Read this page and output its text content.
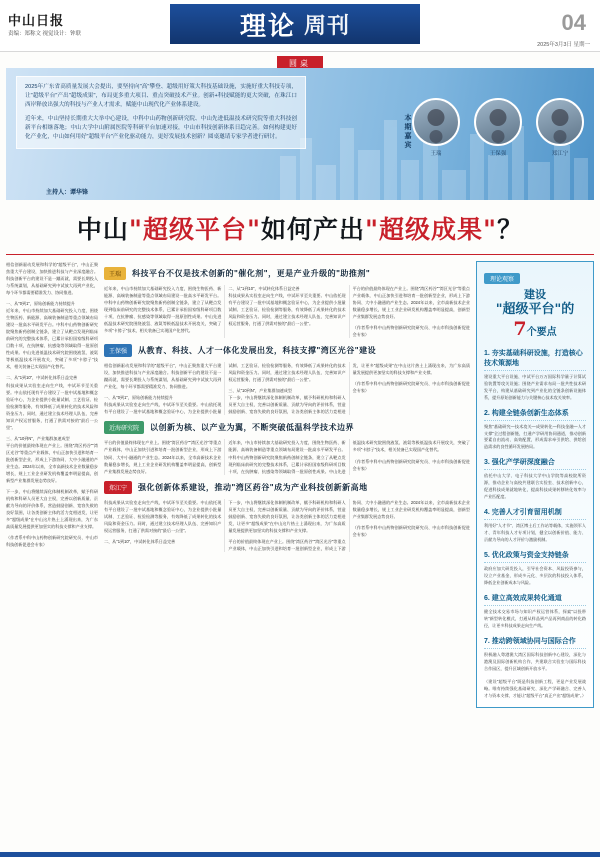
中山日报
责编：郑称文 视觉设计：钟联	理论 周刊	04
2025年3月3日 星期一
圆桌

2025年广东省高质量发展大会提出，要坚持向"高"攀登、超级用好策大科技基础设施，实施好重大科技专项，让"超级平台"产出"超级成果"，布局更多重大项目、重点突破技术产业。创新+科技赋能的更大突破，在珠江口西岸释放出强大的科技与产业人才需求，赋能中山现代化产业体系建设。

近年来，中山坚持长期重大大举中心建设，中科中山药物创新研究院、中山先进低温技术研究院等重大科技创新平台相继落地；中山大学中山附属医院等科研平台加速对接，中山市科技创新体系日趋完善。如何构建更好化产业化，中山如何用好"超级平台"产业化驱动能力，更好发展技术创新？圆桌邀请专家学者进行研讨。

主持人：谭华锋
本期嘉宾
王瑞	王保强	郑江宁
中山"超级平台"如何产出"超级成果"？
相信创新驱动发展和科学的"超级平台"，中山正聚焦重大平台建设，加快推进科技与产业深度融合。科技创新平台的建设不是一蹴而就，需要长期投入与系统谋划，从基础研究到中试放大再到产业化，每个环节都需要精准发力、协同推进。
一、从"0到1"，原始创新能力持续提升
近年来，中山市持续加大基础研究投入力度，围绕生物医药、新能源、高端装备制造等重点领域布局建设一批高水平研发平台。中科中山药物创新研究院聚焦新药创制全链条，建立了从靶点发现到临床前研究的完整技术体系，已累计承担国家级科研项目数十项，在抗肿瘤、抗感染等领域取得一批原创性成果。中山先进低温技术研究院围绕液氢、液氦等极低温技术开展攻关，突破了多项"卡脖子"技术，相关装备已实现国产化替代。
二、从"1到10"，中试转化体系日益完善
科技成果从实验室走向生产线，中试环节至关重要。中山依托现有平台建设了一批中试基地和概念验证中心，为企业提供小批量试制、工艺验证、检验检测等服务，有效降低了成果转化的技术风险和资金压力。同时，通过建立技术经理人队伍、完善知识产权运营服务，打通了供需对接的"最后一公里"。
三、从"10到N"，产业集群加速成型
平台的价值最终体现在产业上。围绕"湾区药谷""湾区光谷"等重点产业载体，中山正加快引进和培育一批创新型企业，形成上下游协同、大中小融通的产业生态。2024年以来，全市高新技术企业数量稳步增长，规上工业企业研发机构覆盖率明显提高，创新型产业集群发展态势良好。
下一步，中山将继续深化体制机制改革，赋予科研机构和科研人员更大自主权，完善以创新质量、贡献为导向的评价体系，营造鼓励创新、宽容失败的良好氛围，让各类创新主体的活力竞相迸发，让更多"超级成果"在中山这片热土上涌现出来，为广东高质量发展提供更加坚实的科技支撑和产业支撑。
（作者系中科中山药物创新研究院研究员、中山市科技创新促进会专家）
王瑞	科技平台不仅是技术创新的"催化剂"，更是产业升级的"助推剂"
近年来，中山市持续加大基础研究投入力度，围绕生物医药、新能源、高端装备制造等重点领域布局建设一批高水平研发平台。中科中山药物创新研究院聚焦新药创制全链条，建立了从靶点发现到临床前研究的完整技术体系，已累计承担国家级科研项目数十项，在抗肿瘤、抗感染等领域取得一批原创性成果。中山先进低温技术研究院围绕液氢、液氦等极低温技术开展攻关，突破了多项"卡脖子"技术，相关装备已实现国产化替代。
二、从"1到10"，中试转化体系日益完善
科技成果从实验室走向生产线，中试环节至关重要。中山依托现有平台建设了一批中试基地和概念验证中心，为企业提供小批量试制、工艺验证、检验检测等服务，有效降低了成果转化的技术风险和资金压力。同时，通过建立技术经理人队伍、完善知识产权运营服务，打通了供需对接的"最后一公里"。
平台的价值最终体现在产业上。围绕"湾区药谷""湾区光谷"等重点产业载体，中山正加快引进和培育一批创新型企业，形成上下游协同、大中小融通的产业生态。2024年以来，全市高新技术企业数量稳步增长，规上工业企业研发机构覆盖率明显提高，创新型产业集群发展态势良好。
（作者系中科中山药物创新研究院研究员、中山市科技创新促进会专家）
王保强	从教育、科技、人才一体化发展出发，科技支撑"湾区光谷"建设
相信创新驱动发展和科学的"超级平台"，中山正聚焦重大平台建设，加快推进科技与产业深度融合。科技创新平台的建设不是一蹴而就，需要长期投入与系统谋划，从基础研究到中试放大再到产业化，每个环节都需要精准发力、协同推进。
一、从"0到1"，原始创新能力持续提升
科技成果从实验室走向生产线，中试环节至关重要。中山依托现有平台建设了一批中试基地和概念验证中心，为企业提供小批量试制、工艺验证、检验检测等服务，有效降低了成果转化的技术风险和资金压力。同时，通过建立技术经理人队伍、完善知识产权运营服务，打通了供需对接的"最后一公里"。
三、从"10到N"，产业集群加速成型
下一步，中山将继续深化体制机制改革，赋予科研机构和科研人员更大自主权，完善以创新质量、贡献为导向的评价体系，营造鼓励创新、宽容失败的良好氛围，让各类创新主体的活力竞相迸发，让更多"超级成果"在中山这片热土上涌现出来，为广东高质量发展提供更加坚实的科技支撑和产业支撑。
（作者系中科中山药物创新研究院研究员、中山市科技创新促进会专家）
近海研究院	以创新为核、以产业为翼，不断突破低温科学技术边界
平台的价值最终体现在产业上。围绕"湾区药谷""湾区光谷"等重点产业载体，中山正加快引进和培育一批创新型企业，形成上下游协同、大中小融通的产业生态。2024年以来，全市高新技术企业数量稳步增长，规上工业企业研发机构覆盖率明显提高，创新型产业集群发展态势良好。
近年来，中山市持续加大基础研究投入力度，围绕生物医药、新能源、高端装备制造等重点领域布局建设一批高水平研发平台。中科中山药物创新研究院聚焦新药创制全链条，建立了从靶点发现到临床前研究的完整技术体系，已累计承担国家级科研项目数十项，在抗肿瘤、抗感染等领域取得一批原创性成果。中山先进低温技术研究院围绕液氢、液氦等极低温技术开展攻关，突破了多项"卡脖子"技术，相关装备已实现国产化替代。
（作者系中科中山药物创新研究院研究员、中山市科技创新促进会专家）
郑江宁	强化创新体系建设，推动"湾区药谷"成为产业科技创新新高地
科技成果从实验室走向生产线，中试环节至关重要。中山依托现有平台建设了一批中试基地和概念验证中心，为企业提供小批量试制、工艺验证、检验检测等服务，有效降低了成果转化的技术风险和资金压力。同时，通过建立技术经理人队伍、完善知识产权运营服务，打通了供需对接的"最后一公里"。
二、从"1到10"，中试转化体系日益完善
下一步，中山将继续深化体制机制改革，赋予科研机构和科研人员更大自主权，完善以创新质量、贡献为导向的评价体系，营造鼓励创新、宽容失败的良好氛围，让各类创新主体的活力竞相迸发，让更多"超级成果"在中山这片热土上涌现出来，为广东高质量发展提供更加坚实的科技支撑和产业支撑。
平台的价值最终体现在产业上。围绕"湾区药谷""湾区光谷"等重点产业载体，中山正加快引进和培育一批创新型企业，形成上下游协同、大中小融通的产业生态。2024年以来，全市高新技术企业数量稳步增长，规上工业企业研发机构覆盖率明显提高，创新型产业集群发展态势良好。
（作者系中科中山药物创新研究院研究员、中山市科技创新促进会专家）
理论观察
建设
"超级平台"的
7个要点
1. 夯实基础科研设施，打造核心技术策源地
建设重大平台设施、中试平台万万国际科学量子计算试验装置等攻关设施；围绕产业需求布局一批共性技术研发平台，构建从基础研究到产业化的全链条创新设施体系，提升原始创新能力与关键核心技术攻关效率。
2. 构建全链条创新生态体系
聚焦"基础研究—技术攻关—成果转化—科技金融—人才支撑"全过程创新链，打通产学研用协同通道，推动创新要素自由流动、高效配置，形成需求牵引供给、供给创造需求的良性循环发展格局。
3. 强化产学研深度融合
依托中山大学、电子科技大学中山学院等高校院所资源，推动企业与高校共建联合实验室、技术创新中心，促进科技成果就地转化，提高科技成果转移转化效率与产业匹配度。
4. 完善人才引育留用机制
利用好"人才节"、湾区博士后工作站等载体，实施领军人才、青年科技人才专项计划，健全以创新价值、能力、贡献为导向的人才评价与激励机制。
5. 优化政策与资金支持链条
政府应加大研发投入，引导社会资本、风险投资参与，设立产业基金，形成多元化、多层次的科技投入体系，降低企业创新成本与风险。
6. 建立高效成果转化通道
健全技术交易市场与知识产权运营体系，探索"以投带转"新型转化模式，打通从样品到产品再到商品的转化路径，让更多科技成果走向生产线。
7. 推动跨领域协同与国际合作
积极融入粤港澳大湾区国际科技创新中心建设，深化与港澳及国际创新机构合作，共建联合实验室与国际科技合作园区，提升区域创新开放水平。
（建设"超级平台"既是科技创新工程，更是产业发展战略。唯有持续强化基础研究、深化产学研融合、完善人才与资本支撑，才能让"超级平台"真正产出"超级成果"。）
